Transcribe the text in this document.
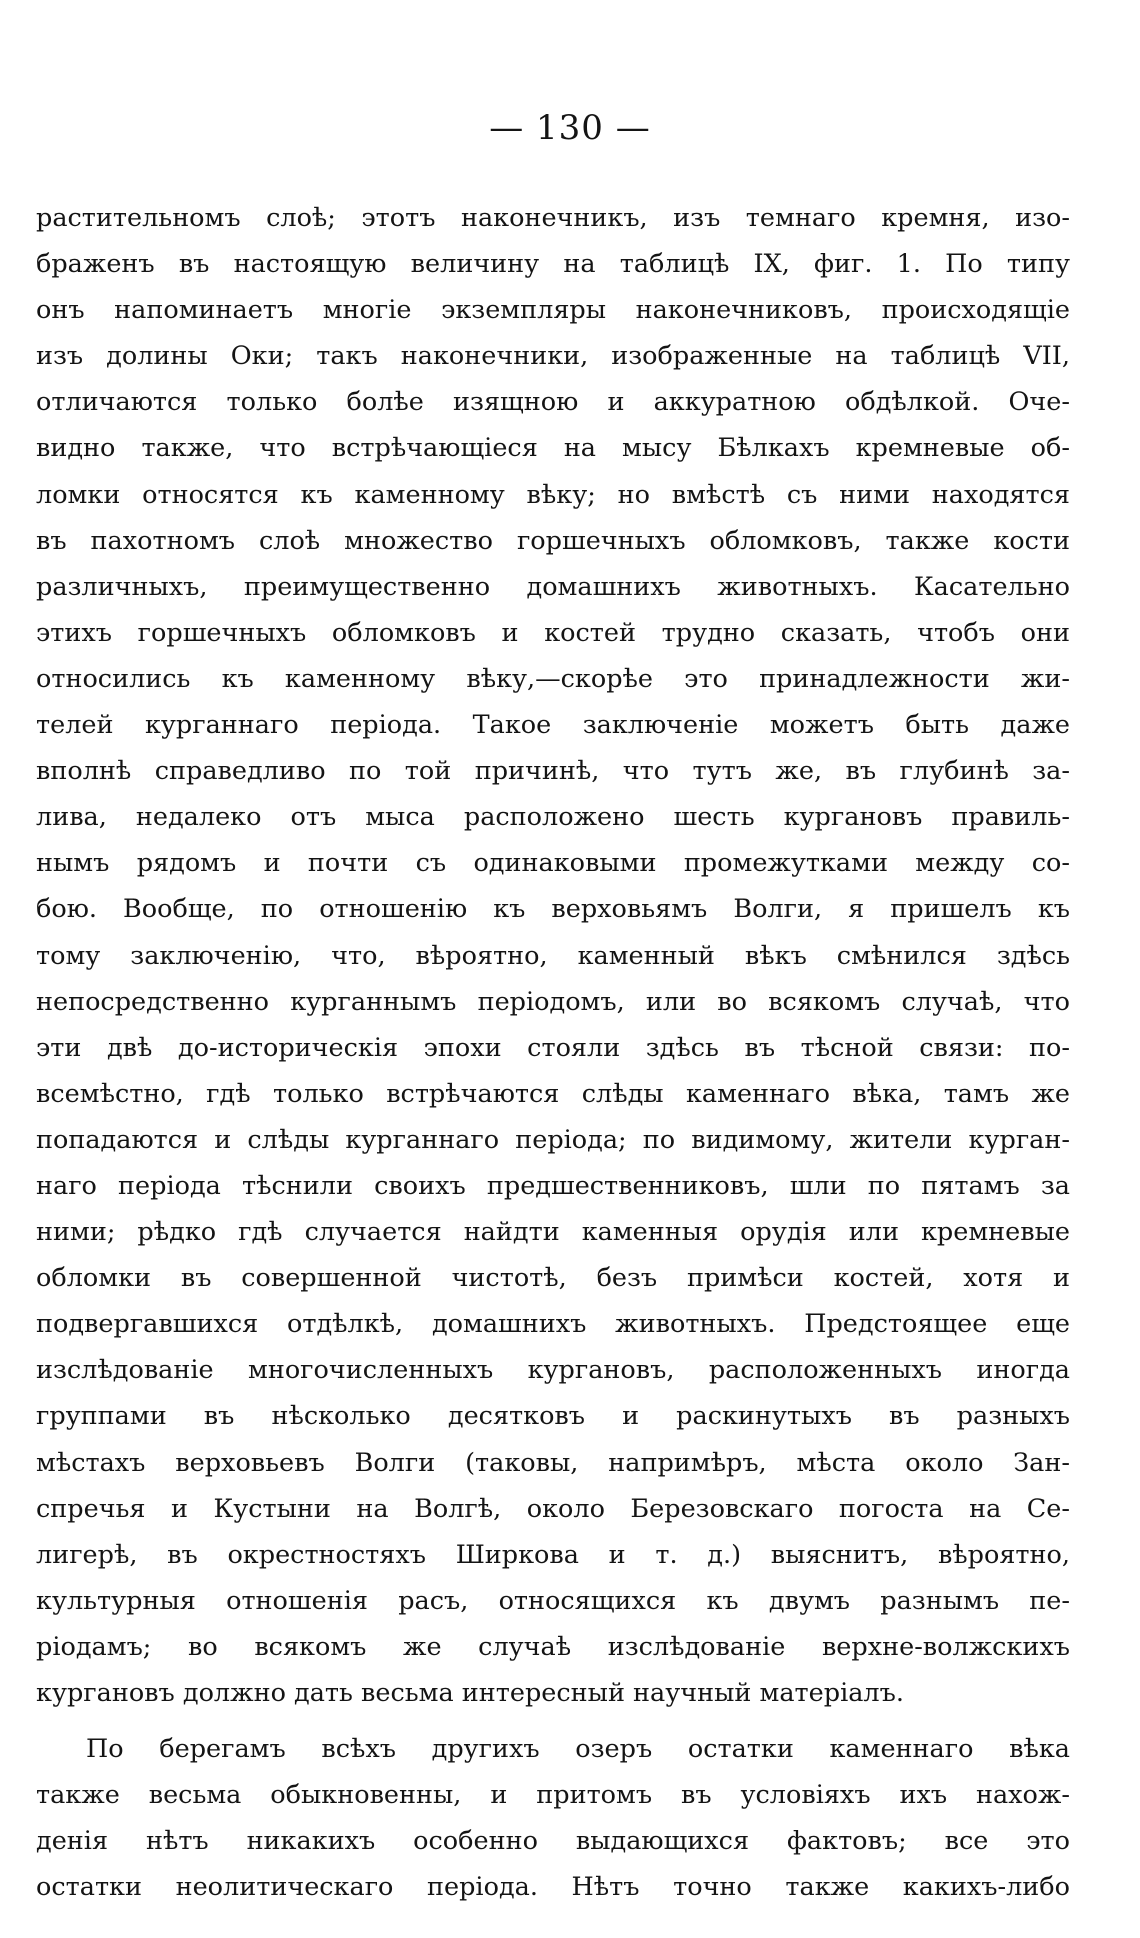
— 130 —
растительномъ слоѣ; этотъ наконечникъ, изъ темнаго кремня, изо-
браженъ въ настоящую величину на таблицѣ IX, фиг. 1. По типу
онъ напоминаетъ многіе экземпляры наконечниковъ, происходящіе
изъ долины Оки; такъ наконечники, изображенные на таблицѣ VII,
отличаются только болѣе изящною и аккуратною обдѣлкой. Оче-
видно также, что встрѣчающіеся на мысу Бѣлкахъ кремневые об-
ломки относятся къ каменному вѣку; но вмѣстѣ съ ними находятся
въ пахотномъ слоѣ множество горшечныхъ обломковъ, также кости
различныхъ, преимущественно домашнихъ животныхъ. Касательно
этихъ горшечныхъ обломковъ и костей трудно сказать, чтобъ они
относились къ каменному вѣку,—скорѣе это принадлежности жи-
телей курганнаго періода. Такое заключеніе можетъ быть даже
вполнѣ справедливо по той причинѣ, что тутъ же, въ глубинѣ за-
лива, недалеко отъ мыса расположено шесть кургановъ правиль-
нымъ рядомъ и почти съ одинаковыми промежутками между со-
бою. Вообще, по отношенію къ верховьямъ Волги, я пришелъ къ
тому заключенію, что, вѣроятно, каменный вѣкъ смѣнился здѣсь
непосредственно курганнымъ періодомъ, или во всякомъ случаѣ, что
эти двѣ до-историческія эпохи стояли здѣсь въ тѣсной связи: по-
всемѣстно, гдѣ только встрѣчаются слѣды каменнаго вѣка, тамъ же
попадаются и слѣды курганнаго періода; по видимому, жители курган-
наго періода тѣснили своихъ предшественниковъ, шли по пятамъ за
ними; рѣдко гдѣ случается найдти каменныя орудія или кремневые
обломки въ совершенной чистотѣ, безъ примѣси костей, хотя и
подвергавшихся отдѣлкѣ, домашнихъ животныхъ. Предстоящее еще
изслѣдованіе многочисленныхъ кургановъ, расположенныхъ иногда
группами въ нѣсколько десятковъ и раскинутыхъ въ разныхъ
мѣстахъ верховьевъ Волги (таковы, напримѣръ, мѣста около Зан-
спречья и Кустыни на Волгѣ, около Березовскаго погоста на Се-
лигерѣ, въ окрестностяхъ Ширкова и т. д.) выяснитъ, вѣроятно,
культурныя отношенія расъ, относящихся къ двумъ разнымъ пе-
ріодамъ; во всякомъ же случаѣ изслѣдованіе верхне-волжскихъ
кургановъ должно дать весьма интересный научный матеріалъ.
По берегамъ всѣхъ другихъ озеръ остатки каменнаго вѣка
также весьма обыкновенны, и притомъ въ условіяхъ ихъ нахож-
денія нѣтъ никакихъ особенно выдающихся фактовъ; все это
остатки неолитическаго періода. Нѣтъ точно также какихъ-либо
